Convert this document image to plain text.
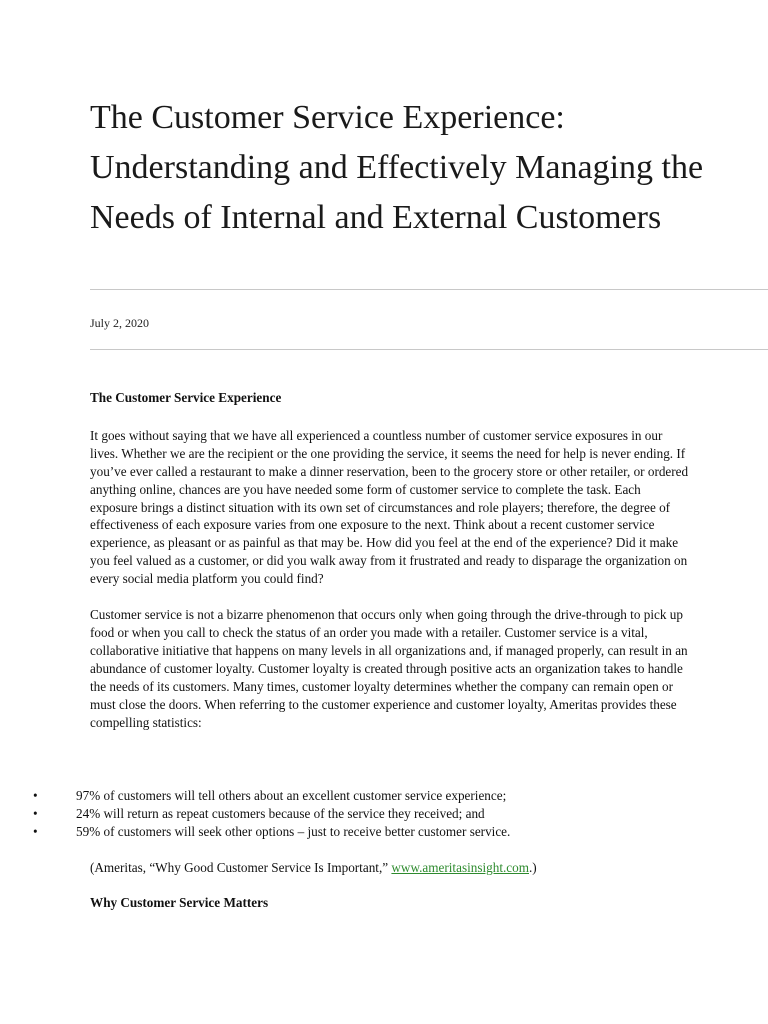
The Customer Service Experience: Understanding and Effectively Managing the Needs of Internal and External Customers
July 2, 2020

The Customer Service Experience

It goes without saying that we have all experienced a countless number of customer service exposures in our lives. Whether we are the recipient or the one providing the service, it seems the need for help is never ending. If you’ve ever called a restaurant to make a dinner reservation, been to the grocery store or other retailer, or ordered anything online, chances are you have needed some form of customer service to complete the task. Each exposure brings a distinct situation with its own set of circumstances and role players; therefore, the degree of effectiveness of each exposure varies from one exposure to the next. Think about a recent customer service experience, as pleasant or as painful as that may be. How did you feel at the end of the experience? Did it make you feel valued as a customer, or did you walk away from it frustrated and ready to disparage the organization on every social media platform you could find?

Customer service is not a bizarre phenomenon that occurs only when going through the drive-through to pick up food or when you call to check the status of an order you made with a retailer. Customer service is a vital, collaborative initiative that happens on many levels in all organizations and, if managed properly, can result in an abundance of customer loyalty. Customer loyalty is created through positive acts an organization takes to handle the needs of its customers. Many times, customer loyalty determines whether the company can remain open or must close the doors. When referring to the customer experience and customer loyalty, Ameritas provides these compelling statistics:

•	97% of customers will tell others about an excellent customer service experience;
•	24% will return as repeat customers because of the service they received; and
•	59% of customers will seek other options – just to receive better customer service.
(Ameritas, “Why Good Customer Service Is Important,” www.ameritasinsight.com.)
Why Customer Service Matters
